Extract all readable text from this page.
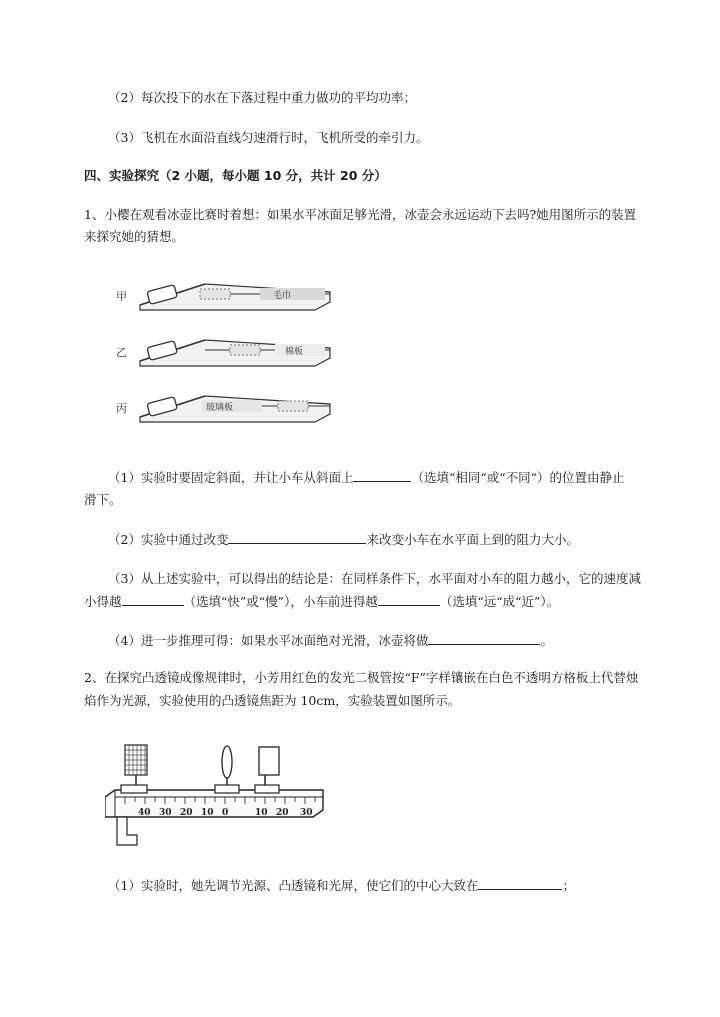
（2）每次投下的水在下落过程中重力做功的平均功率；
（3）飞机在水面沿直线匀速滑行时，飞机所受的牵引力。
四、实验探究（2 小题，每小题 10 分，共计 20 分）
1、小樱在观看冰壶比赛时着想：如果水平冰面足够光滑，冰壶会永远运动下去吗?她用图所示的装置
来探究她的猜想。
甲	毛巾
乙	棉板
丙	玻璃板
（1）实验时要固定斜面，并让小车从斜面上	（选填“相同“或“不同“）的位置由静止
滑下。
（2）实验中通过改变	来改变小车在水平面上到的阻力大小。
（3）从上述实验中，可以得出的结论是：在同样条件下，水平面对小车的阻力越小，它的速度减
小得越	（选填“快”或“慢”），小车前进得越	（选填“远“成“近”）。
（4）进一步推理可得：如果水平冰面绝对光滑，冰壶将做	。
2、在探究凸透镜成像规律时，小芳用红色的发光二极管按“F”字样镶嵌在白色不透明方格板上代替烛
焰作为光源，实验使用的凸透镜焦距为 10cm，实验装置如图所示。
40 30 20 10 0	10 20 30
（1）实验时，她先调节光源、凸透镜和光屏，使它们的中心大致在	；
